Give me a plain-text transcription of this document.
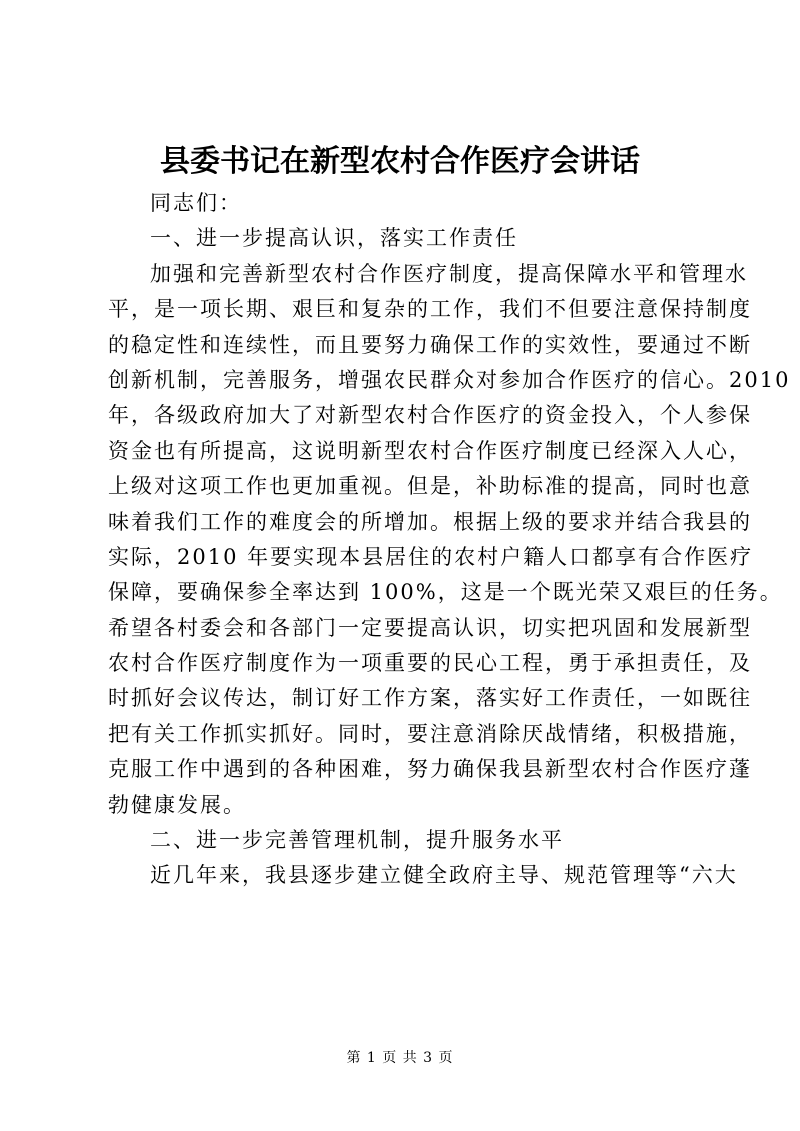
县委书记在新型农村合作医疗会讲话
同志们：
一、进一步提高认识，落实工作责任
加强和完善新型农村合作医疗制度，提高保障水平和管理水
平，是一项长期、艰巨和复杂的工作，我们不但要注意保持制度
的稳定性和连续性，而且要努力确保工作的实效性，要通过不断
创新机制，完善服务，增强农民群众对参加合作医疗的信心。2010
年，各级政府加大了对新型农村合作医疗的资金投入，个人参保
资金也有所提高，这说明新型农村合作医疗制度已经深入人心，
上级对这项工作也更加重视。但是，补助标准的提高，同时也意
味着我们工作的难度会的所增加。根据上级的要求并结合我县的
实际，2010 年要实现本县居住的农村户籍人口都享有合作医疗
保障，要确保参全率达到 100%，这是一个既光荣又艰巨的任务。
希望各村委会和各部门一定要提高认识，切实把巩固和发展新型
农村合作医疗制度作为一项重要的民心工程，勇于承担责任，及
时抓好会议传达，制订好工作方案，落实好工作责任，一如既往
把有关工作抓实抓好。同时，要注意消除厌战情绪，积极措施，
克服工作中遇到的各种困难，努力确保我县新型农村合作医疗蓬
勃健康发展。
二、进一步完善管理机制，提升服务水平
近几年来，我县逐步建立健全政府主导、规范管理等“六大
第 1 页 共 3 页
